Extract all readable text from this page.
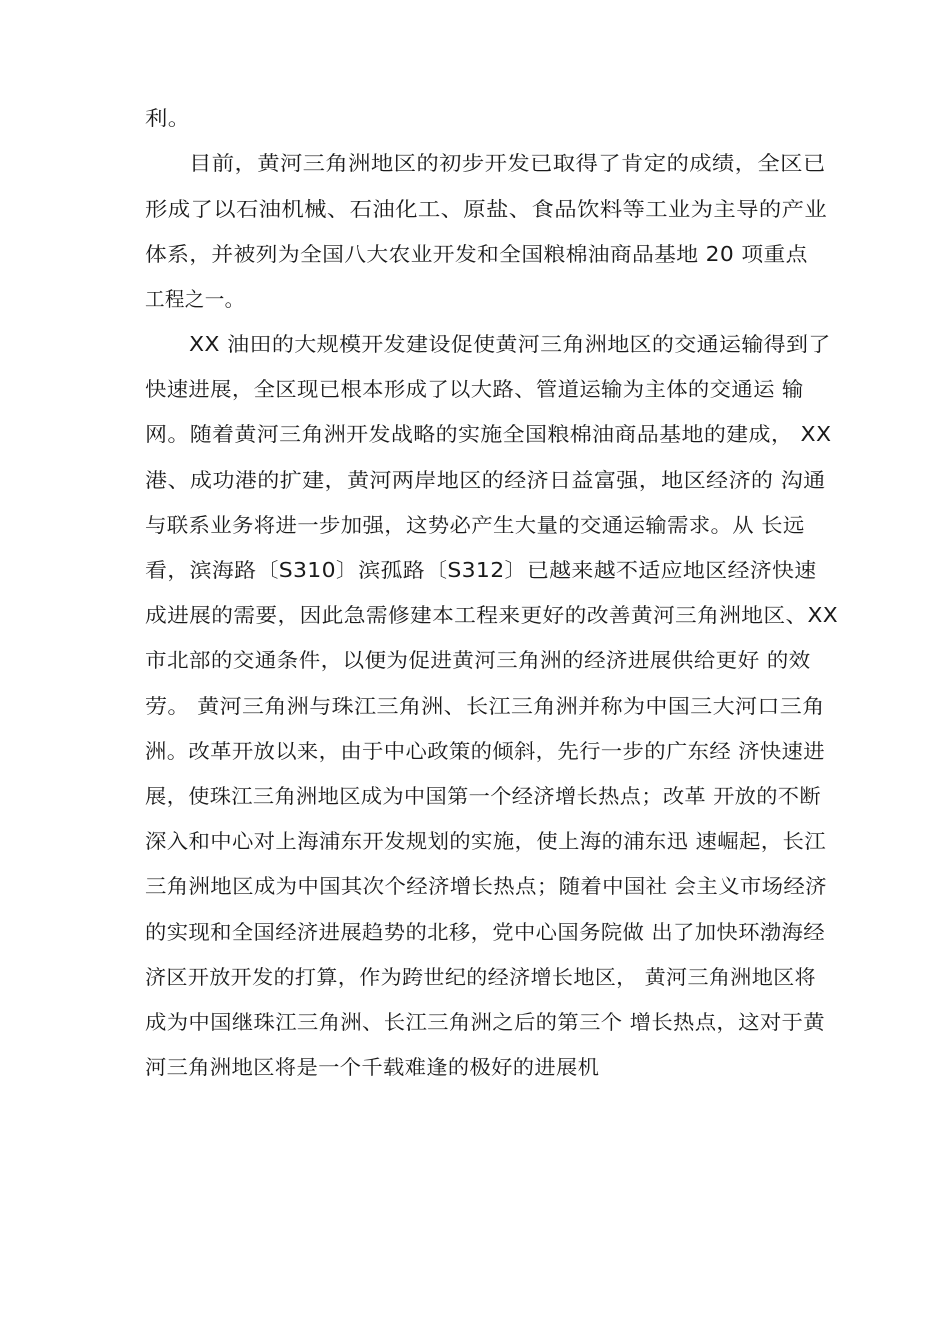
利。
目前，黄河三角洲地区的初步开发已取得了肯定的成绩，全区已
形成了以石油机械、石油化工、原盐、食品饮料等工业为主导的产业
体系，并被列为全国八大农业开发和全国粮棉油商品基地 20 项重点
工程之一。
XX 油田的大规模开发建设促使黄河三角洲地区的交通运输得到了
快速进展，全区现已根本形成了以大路、管道运输为主体的交通运 输
网。随着黄河三角洲开发战略的实施全国粮棉油商品基地的建成， XX
港、成功港的扩建，黄河两岸地区的经济日益富强，地区经济的 沟通
与联系业务将进一步加强，这势必产生大量的交通运输需求。从 长远
看，滨海路〔S310〕滨孤路〔S312〕已越来越不适应地区经济快速
成进展的需要，因此急需修建本工程来更好的改善黄河三角洲地区、XX
市北部的交通条件，以便为促进黄河三角洲的经济进展供给更好 的效
劳。 黄河三角洲与珠江三角洲、长江三角洲并称为中国三大河口三角
洲。改革开放以来，由于中心政策的倾斜，先行一步的广东经 济快速进
展，使珠江三角洲地区成为中国第一个经济增长热点；改革 开放的不断
深入和中心对上海浦东开发规划的实施，使上海的浦东迅 速崛起，长江
三角洲地区成为中国其次个经济增长热点；随着中国社 会主义市场经济
的实现和全国经济进展趋势的北移，党中心国务院做 出了加快环渤海经
济区开放开发的打算，作为跨世纪的经济增长地区， 黄河三角洲地区将
成为中国继珠江三角洲、长江三角洲之后的第三个 增长热点，这对于黄
河三角洲地区将是一个千载难逢的极好的进展机
